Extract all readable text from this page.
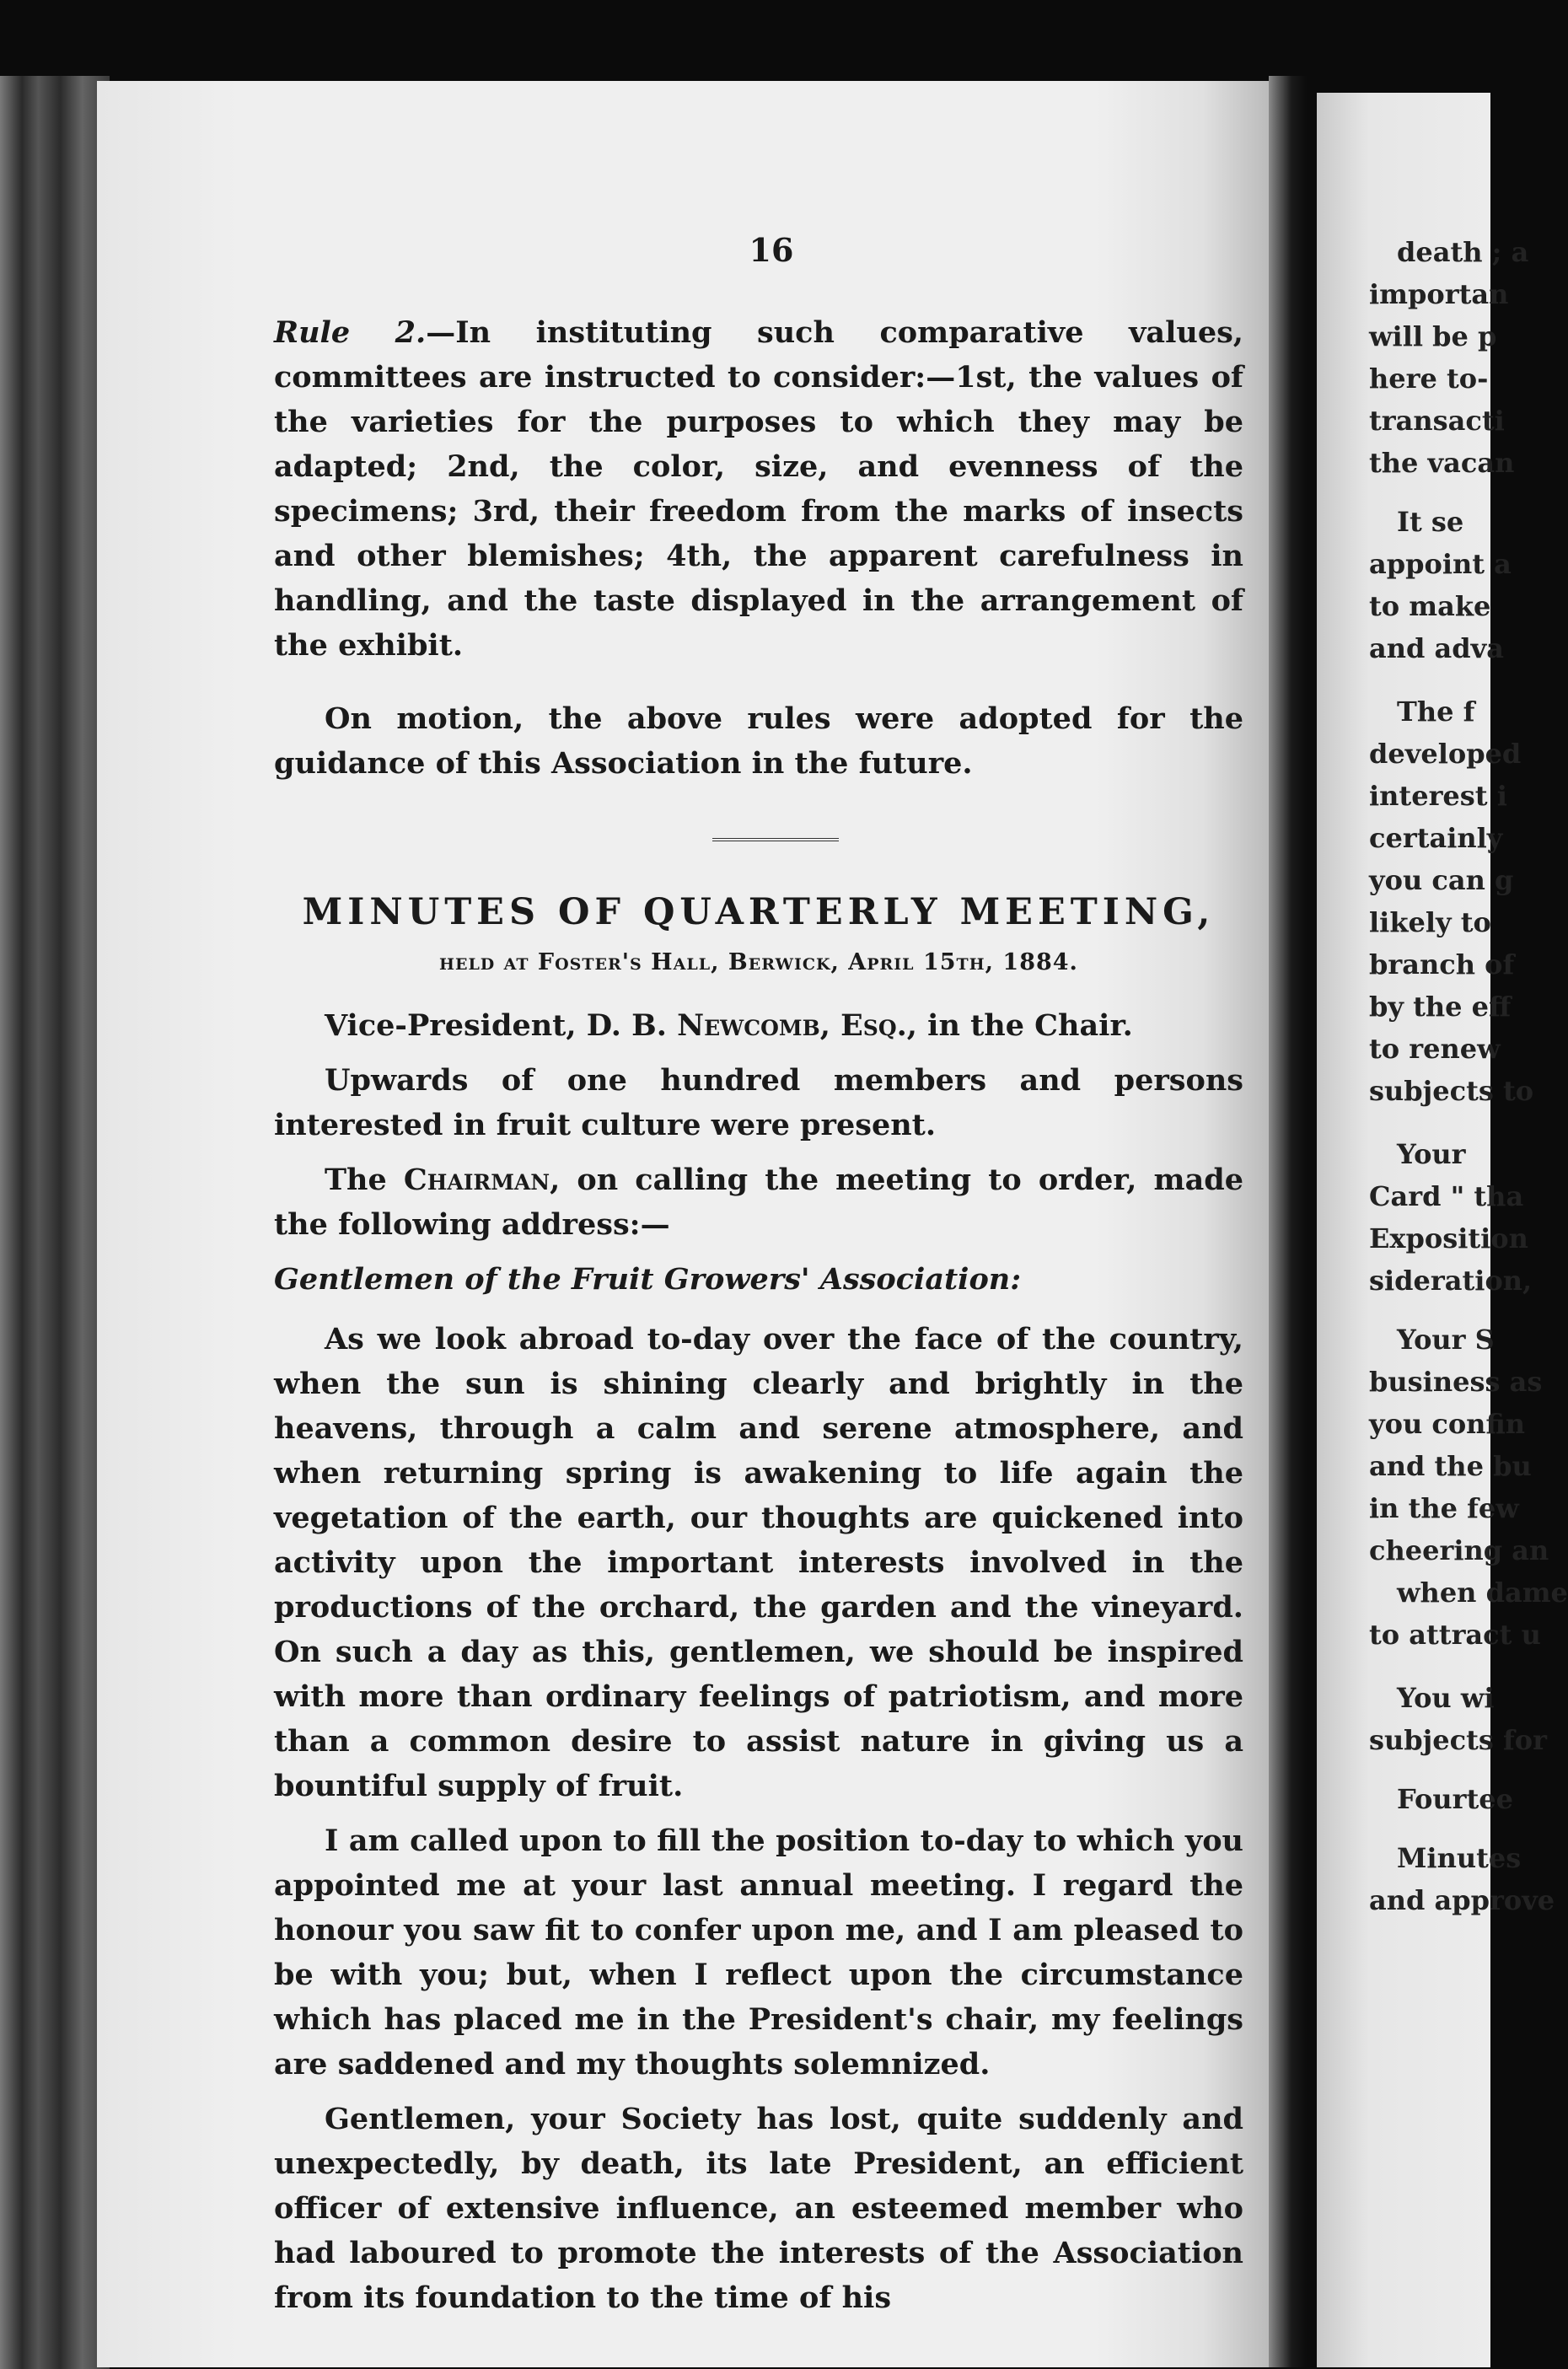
death ; a
importan
will be p
here to-
transacti
the vacan
It se
appoint a
to make
and adva
The f
developed
interest i
certainly
you can g
likely to
branch of
by the eff
to renew
subjects to
Your
Card " tha
Exposition
sideration,
Your S
business as
you confin
and the bu
in the few
cheering an
when dame
to attract u
You wi
subjects for
Fourtee
Minutes
and approve
16

Rule 2.—In instituting such comparative values, committees are instructed to consider:—1st, the values of the varieties for the purposes to which they may be adapted; 2nd, the color, size, and evenness of the specimens; 3rd, their freedom from the marks of insects and other blemishes; 4th, the apparent carefulness in handling, and the taste displayed in the arrangement of the exhibit.

On motion, the above rules were adopted for the guidance of this Association in the future.

MINUTES OF QUARTERLY MEETING,
held at Foster's Hall, Berwick, April 15th, 1884.

Vice-President, D. B. Newcomb, Esq., in the Chair.

Upwards of one hundred members and persons interested in fruit culture were present.

The Chairman, on calling the meeting to order, made the following address:—

Gentlemen of the Fruit Growers' Association:

As we look abroad to-day over the face of the country, when the sun is shining clearly and brightly in the heavens, through a calm and serene atmosphere, and when returning spring is awakening to life again the vegetation of the earth, our thoughts are quickened into activity upon the important interests involved in the productions of the orchard, the garden and the vineyard. On such a day as this, gentlemen, we should be inspired with more than ordinary feelings of patriotism, and more than a common desire to assist nature in giving us a bountiful supply of fruit.

I am called upon to fill the position to-day to which you appointed me at your last annual meeting. I regard the honour you saw fit to confer upon me, and I am pleased to be with you; but, when I reflect upon the circumstance which has placed me in the President's chair, my feelings are saddened and my thoughts solemnized.

Gentlemen, your Society has lost, quite suddenly and unexpectedly, by death, its late President, an efficient officer of extensive influence, an esteemed member who had laboured to promote the interests of the Association from its foundation to the time of his
